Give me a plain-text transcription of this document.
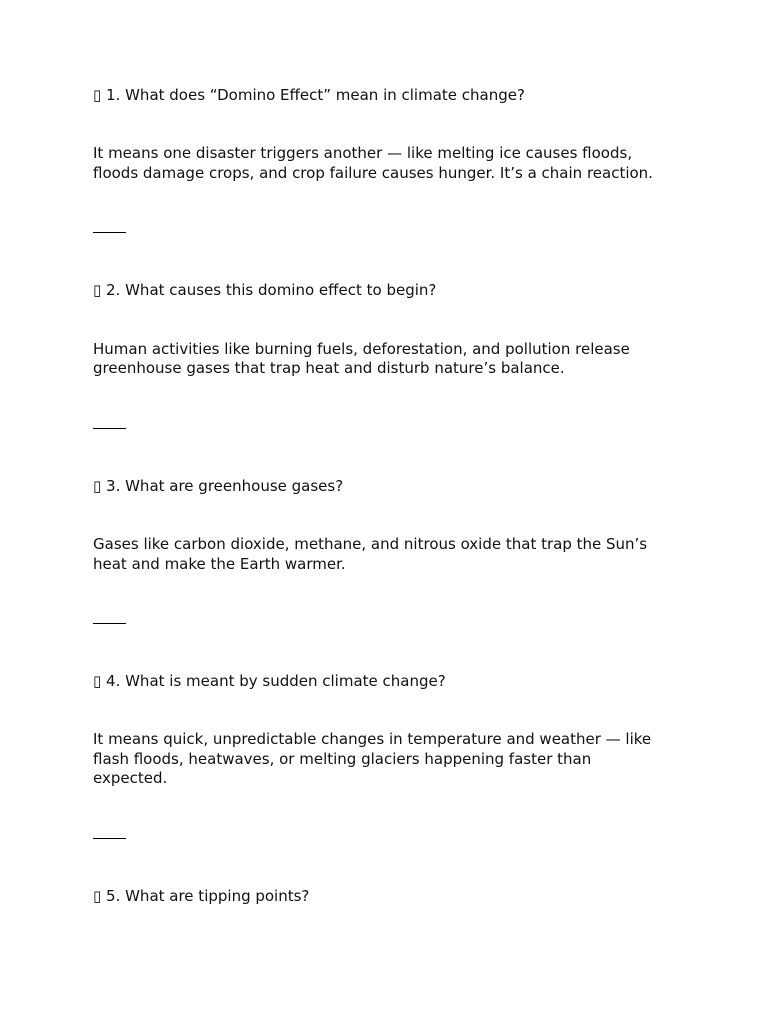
▯ 1. What does “Domino Effect” mean in climate change?
It means one disaster triggers another — like melting ice causes floods,
floods damage crops, and crop failure causes hunger. It’s a chain reaction.
▯ 2. What causes this domino effect to begin?
Human activities like burning fuels, deforestation, and pollution release
greenhouse gases that trap heat and disturb nature’s balance.
▯ 3. What are greenhouse gases?
Gases like carbon dioxide, methane, and nitrous oxide that trap the Sun’s
heat and make the Earth warmer.
▯ 4. What is meant by sudden climate change?
It means quick, unpredictable changes in temperature and weather — like
flash floods, heatwaves, or melting glaciers happening faster than
expected.
▯ 5. What are tipping points?
